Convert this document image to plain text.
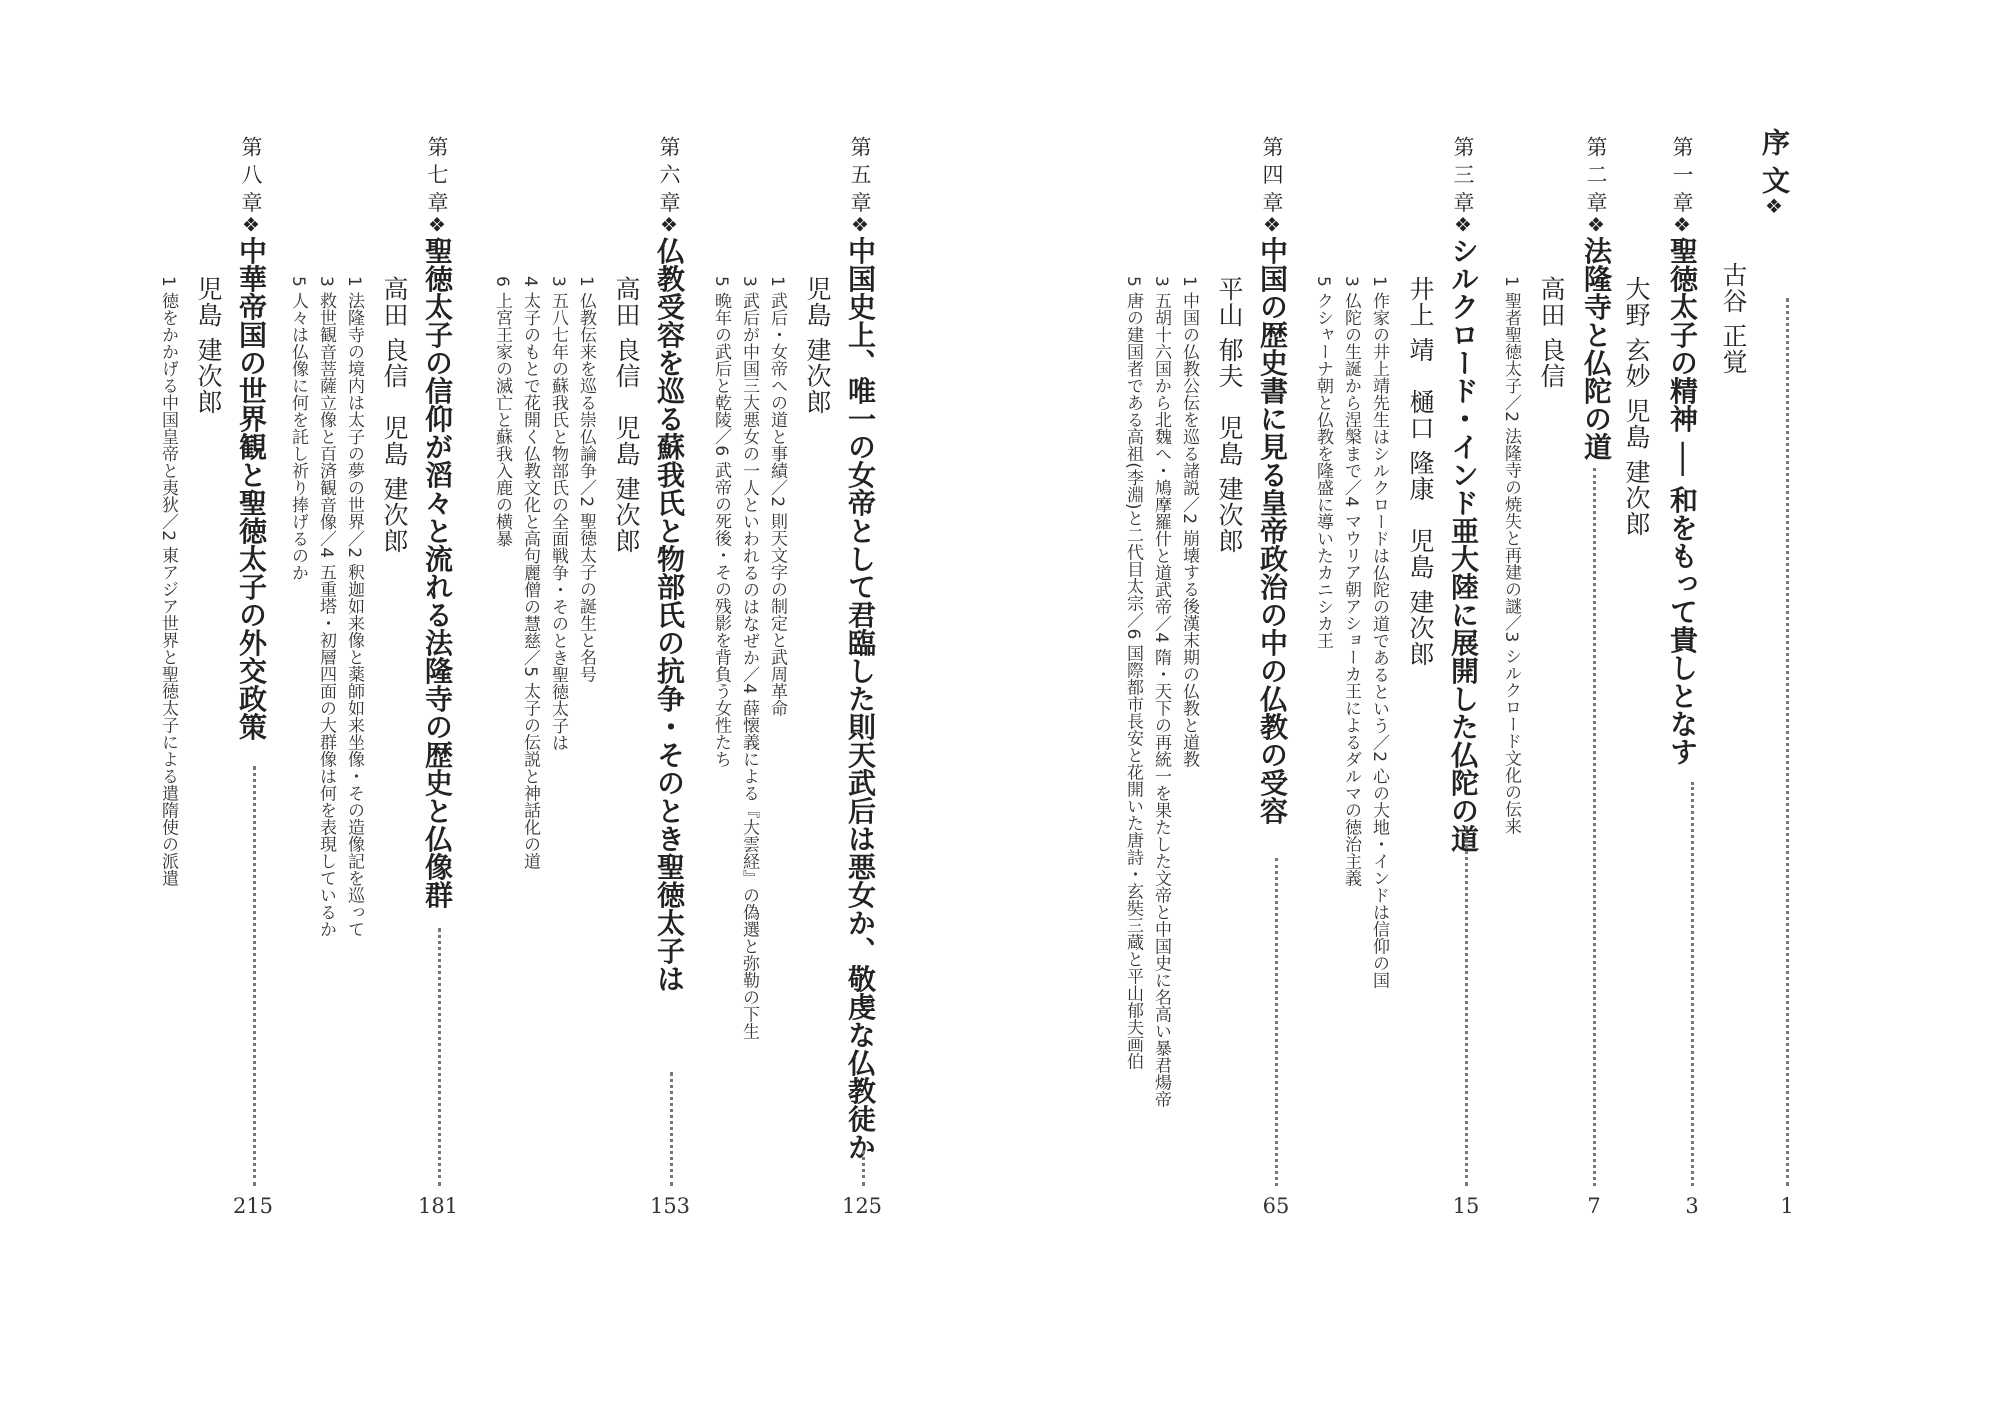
序 文❖
古谷 正覚
1
第 一 章❖聖徳太子の精神 ── 和をもって貴しとなす
大野 玄妙 児島 建次郎
3
第 二 章❖法隆寺と仏陀の道
高田 良信
1 聖者聖徳太子／2 法隆寺の焼失と再建の謎／3 シルクロード文化の伝来
7
第 三 章❖シルクロード・インド亜大陸に展開した仏陀の道
井上 靖　樋口 隆康　児島 建次郎
1 作家の井上靖先生はシルクロードは仏陀の道であるという／2 心の大地・インドは信仰の国
3 仏陀の生誕から涅槃まで／4 マウリア朝アショーカ王によるダルマの徳治主義
5 クシャーナ朝と仏教を隆盛に導いたカニシカ王
15
第 四 章❖中国の歴史書に見る皇帝政治の中の仏教の受容
平山 郁夫　児島 建次郎
1 中国の仏教公伝を巡る諸説／2 崩壊する後漢末期の仏教と道教
3 五胡十六国から北魏へ・鳩摩羅什と道武帝／4 隋・天下の再統一を果たした文帝と中国史に名高い暴君煬帝
5 唐の建国者である高祖(李淵)と二代目太宗／6 国際都市長安と花開いた唐詩・玄奘三蔵と平山郁夫画伯
65
第 五 章❖中国史上、唯一の女帝として君臨した則天武后は悪女か、敬虔な仏教徒か
児島 建次郎
1 武后・女帝への道と事績／2 則天文字の制定と武周革命
3 武后が中国三大悪女の一人といわれるのはなぜか／4 薛懐義による『大雲経』の偽選と弥勒の下生
5 晩年の武后と乾陵／6 武帝の死後・その残影を背負う女性たち
125
第 六 章❖仏教受容を巡る蘇我氏と物部氏の抗争・そのとき聖徳太子は
高田 良信　児島 建次郎
1 仏教伝来を巡る崇仏論争／2 聖徳太子の誕生と名号
3 五八七年の蘇我氏と物部氏の全面戦争・そのとき聖徳太子は
4 太子のもとで花開く仏教文化と高句麗僧の慧慈／5 太子の伝説と神話化の道
6 上宮王家の滅亡と蘇我入鹿の横暴
153
第 七 章❖聖徳太子の信仰が滔々と流れる法隆寺の歴史と仏像群
高田 良信　児島 建次郎
1 法隆寺の境内は太子の夢の世界／2 釈迦如来像と薬師如来坐像・その造像記を巡って
3 救世観音菩薩立像と百済観音像／4 五重塔・初層四面の大群像は何を表現しているか
5 人々は仏像に何を託し祈り捧げるのか
181
第 八 章❖中華帝国の世界観と聖徳太子の外交政策
児島 建次郎
1 徳をかかげる中国皇帝と夷狄／2 東アジア世界と聖徳太子による遣隋使の派遣
215
